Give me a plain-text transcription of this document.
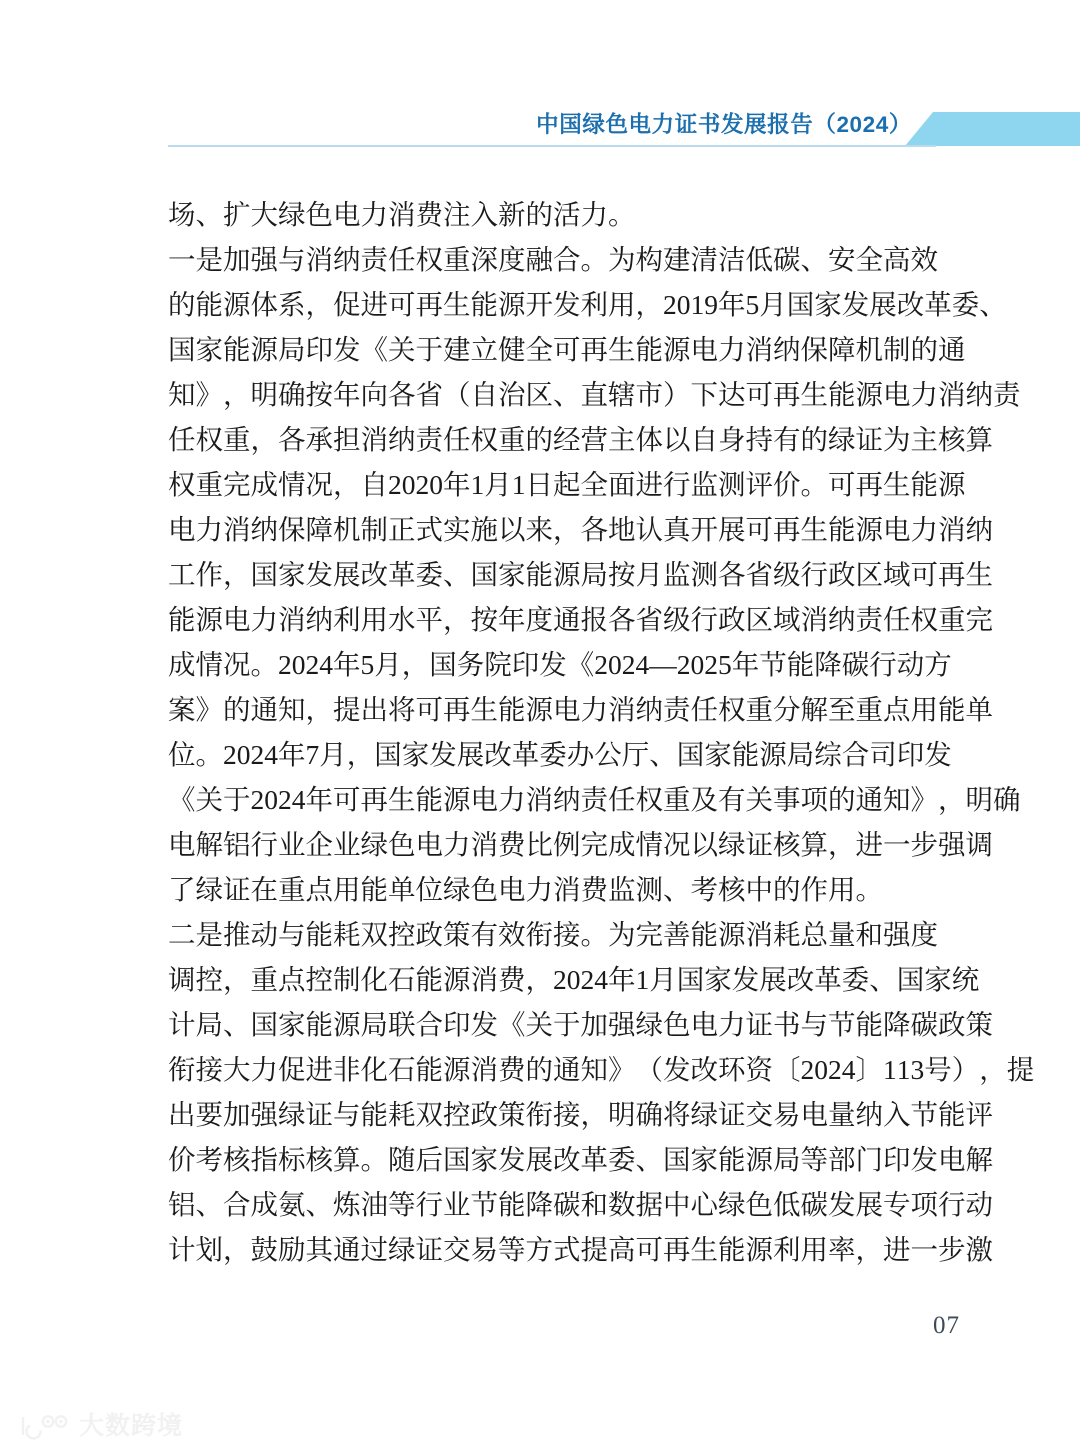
中国绿色电力证书发展报告（2024）
场、扩大绿色电力消费注入新的活力。
一 是 加 强 与 消 纳 责 任 权 重 深 度 融 合 。 为 构 建 清 洁 低 碳 、 安 全 高 效
的 能 源 体 系 ， 促 进 可 再 生 能 源 开 发 利 用 ， 2 0 1 9 年 5 月 国 家 发 展 改 革 委 、
国 家 能 源 局 印 发 《 关 于 建 立 健 全 可 再 生 能 源 电 力 消 纳 保 障 机 制 的 通
知 》 ， 明 确 按 年 向 各 省 （ 自 治 区 、 直 辖 市 ） 下 达 可 再 生 能 源 电 力 消 纳 责
任 权 重 ， 各 承 担 消 纳 责 任 权 重 的 经 营 主 体 以 自 身 持 有 的 绿 证 为 主 核 算
权 重 完 成 情 况 ， 自 2 0 2 0 年 1 月 1 日 起 全 面 进 行 监 测 评 价 。 可 再 生 能 源
电 力 消 纳 保 障 机 制 正 式 实 施 以 来 ， 各 地 认 真 开 展 可 再 生 能 源 电 力 消 纳
工 作 ， 国 家 发 展 改 革 委 、 国 家 能 源 局 按 月 监 测 各 省 级 行 政 区 域 可 再 生
能 源 电 力 消 纳 利 用 水 平 ， 按 年 度 通 报 各 省 级 行 政 区 域 消 纳 责 任 权 重 完
成 情 况 。 2 0 2 4 年 5 月 ， 国 务 院 印 发 《 2 0 2 4 — 2 0 2 5 年 节 能 降 碳 行 动 方
案 》 的 通 知 ， 提 出 将 可 再 生 能 源 电 力 消 纳 责 任 权 重 分 解 至 重 点 用 能 单
位 。 2 0 2 4 年 7 月 ， 国 家 发 展 改 革 委 办 公 厅 、 国 家 能 源 局 综 合 司 印 发
《 关 于 2 0 2 4 年 可 再 生 能 源 电 力 消 纳 责 任 权 重 及 有 关 事 项 的 通 知 》 ， 明 确
电 解 铝 行 业 企 业 绿 色 电 力 消 费 比 例 完 成 情 况 以 绿 证 核 算 ， 进 一 步 强 调
了绿证在重点用能单位绿色电力消费监测、考核中的作用。
二 是 推 动 与 能 耗 双 控 政 策 有 效 衔 接 。 为 完 善 能 源 消 耗 总 量 和 强 度
调 控 ， 重 点 控 制 化 石 能 源 消 费 ， 2 0 2 4 年 1 月 国 家 发 展 改 革 委 、 国 家 统
计 局 、 国 家 能 源 局 联 合 印 发 《 关 于 加 强 绿 色 电 力 证 书 与 节 能 降 碳 政 策
衔 接 大 力 促 进 非 化 石 能 源 消 费 的 通 知 》 （ 发 改 环 资 〔 2 0 2 4 〕 1 1 3 号 ） ， 提
出 要 加 强 绿 证 与 能 耗 双 控 政 策 衔 接 ， 明 确 将 绿 证 交 易 电 量 纳 入 节 能 评
价 考 核 指 标 核 算 。 随 后 国 家 发 展 改 革 委 、 国 家 能 源 局 等 部 门 印 发 电 解
铝 、 合 成 氨 、 炼 油 等 行 业 节 能 降 碳 和 数 据 中 心 绿 色 低 碳 发 展 专 项 行 动
计 划 ， 鼓 励 其 通 过 绿 证 交 易 等 方 式 提 高 可 再 生 能 源 利 用 率 ， 进 一 步 激
07
大数跨境
